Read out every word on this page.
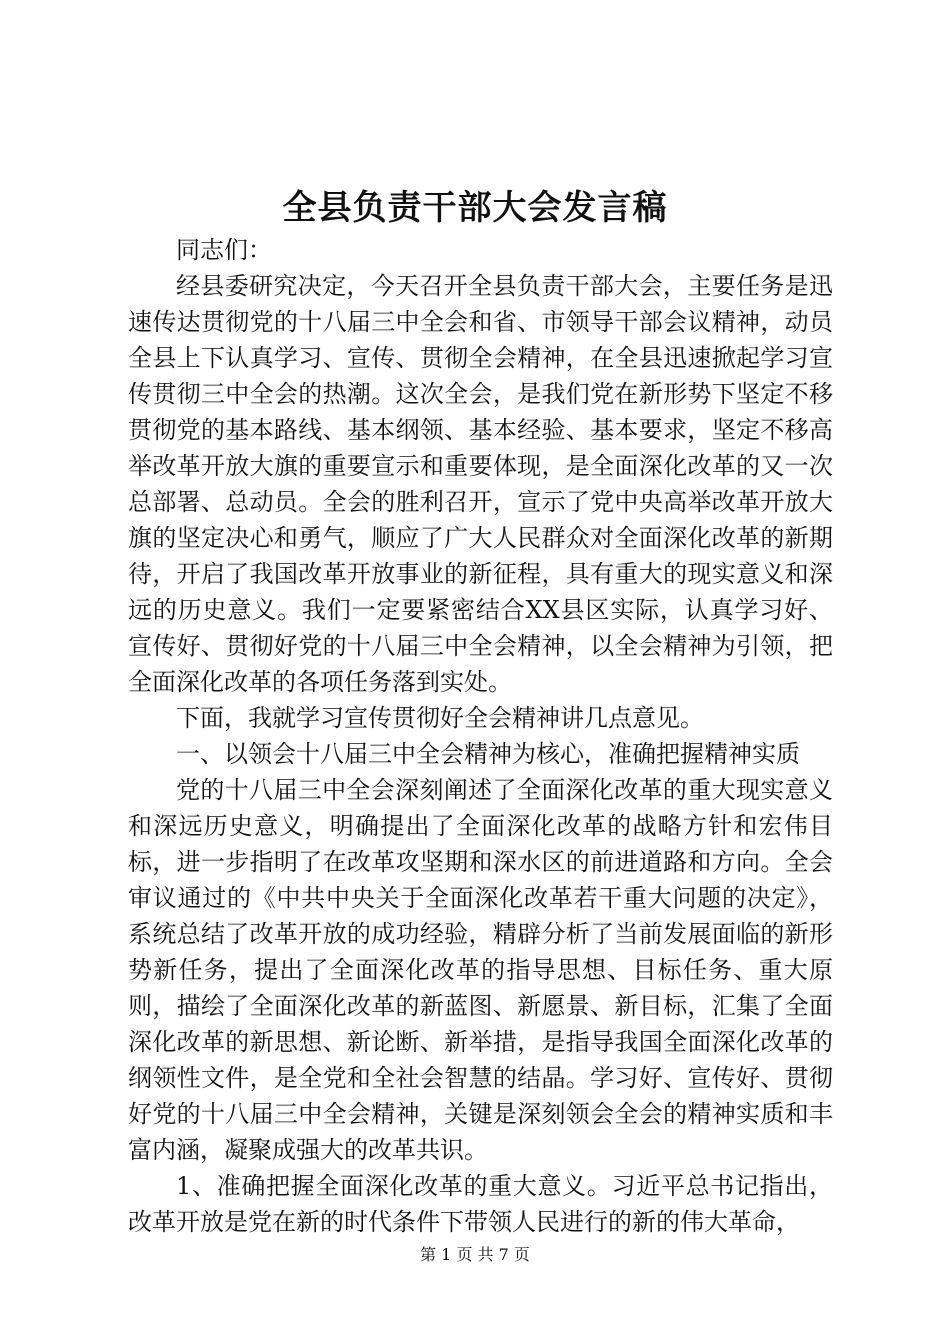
全县负责干部大会发言稿

同志们：

经县委研究决定，今天召开全县负责干部大会，主要任务是迅速传达贯彻党的十八届三中全会和省、市领导干部会议精神，动员全县上下认真学习、宣传、贯彻全会精神，在全县迅速掀起学习宣传贯彻三中全会的热潮。这次全会，是我们党在新形势下坚定不移贯彻党的基本路线、基本纲领、基本经验、基本要求，坚定不移高举改革开放大旗的重要宣示和重要体现，是全面深化改革的又一次总部署、总动员。全会的胜利召开，宣示了党中央高举改革开放大旗的坚定决心和勇气，顺应了广大人民群众对全面深化改革的新期待，开启了我国改革开放事业的新征程，具有重大的现实意义和深远的历史意义。我们一定要紧密结合XX县区实际，认真学习好、宣传好、贯彻好党的十八届三中全会精神，以全会精神为引领，把全面深化改革的各项任务落到实处。

下面，我就学习宣传贯彻好全会精神讲几点意见。

一、以领会十八届三中全会精神为核心，准确把握精神实质

党的十八届三中全会深刻阐述了全面深化改革的重大现实意义和深远历史意义，明确提出了全面深化改革的战略方针和宏伟目标，进一步指明了在改革攻坚期和深水区的前进道路和方向。全会审议通过的《中共中央关于全面深化改革若干重大问题的决定》，系统总结了改革开放的成功经验，精辟分析了当前发展面临的新形势新任务，提出了全面深化改革的指导思想、目标任务、重大原则，描绘了全面深化改革的新蓝图、新愿景、新目标，汇集了全面深化改革的新思想、新论断、新举措，是指导我国全面深化改革的纲领性文件，是全党和全社会智慧的结晶。学习好、宣传好、贯彻好党的十八届三中全会精神，关键是深刻领会全会的精神实质和丰富内涵，凝聚成强大的改革共识。

1、准确把握全面深化改革的重大意义。习近平总书记指出，改革开放是党在新的时代条件下带领人民进行的新的伟大革命，

第 1 页 共 7 页
